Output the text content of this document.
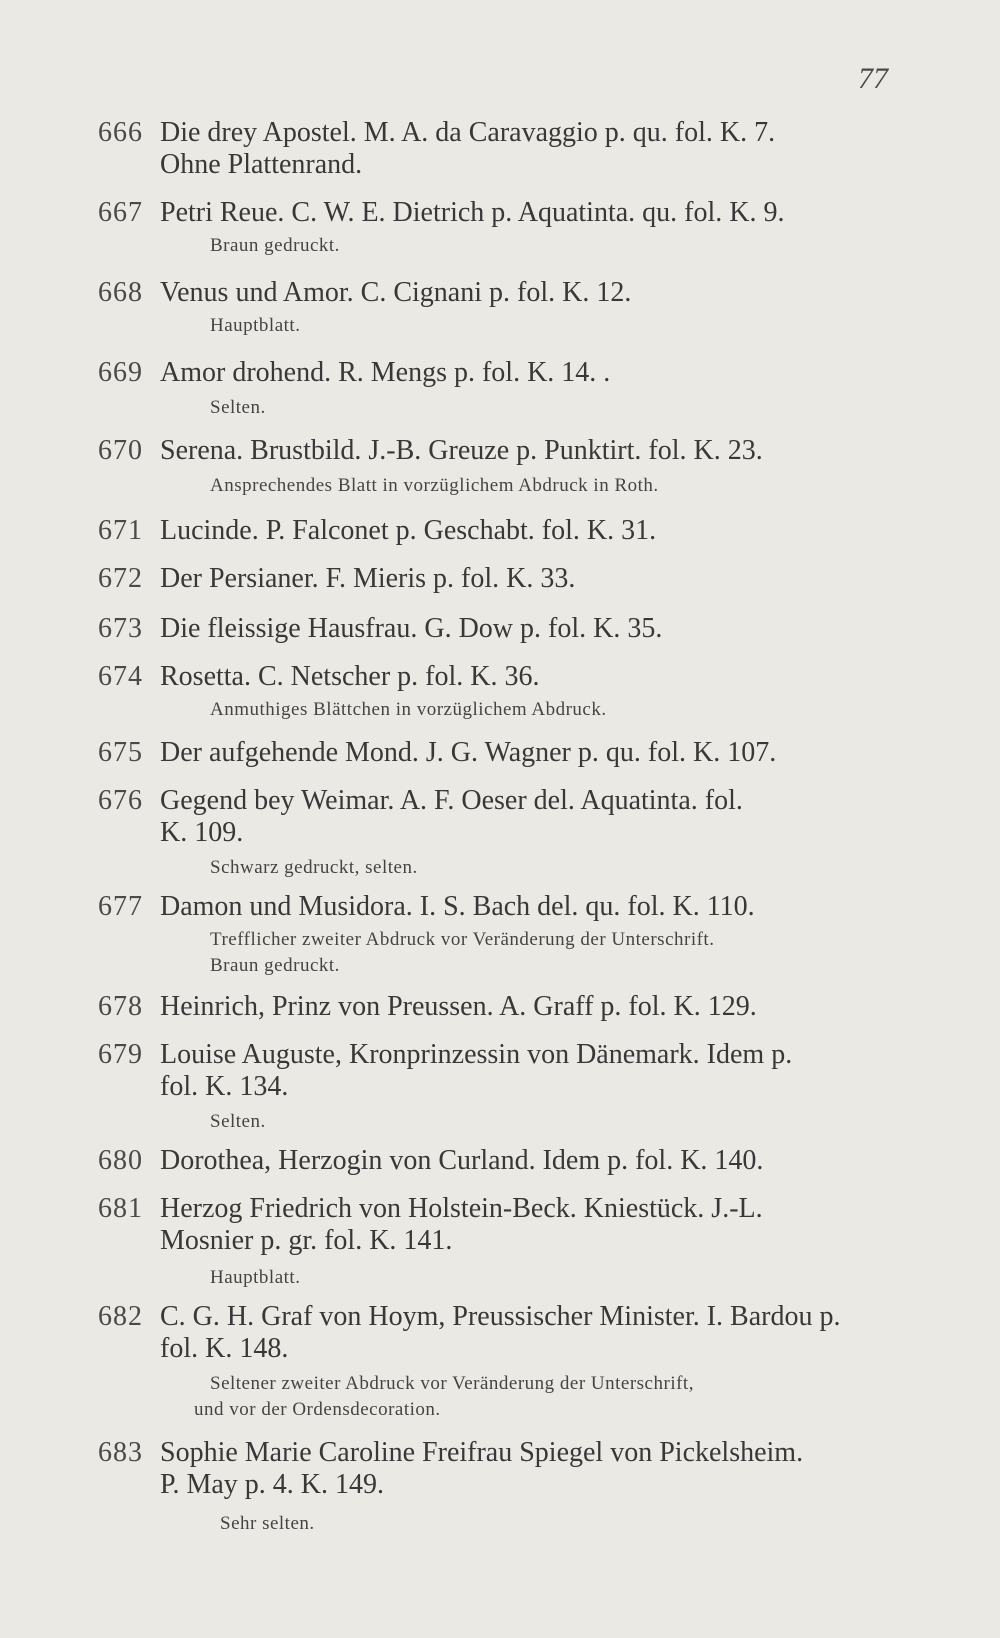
77
666 Die drey Apostel. M. A. da Caravaggio p. qu. fol. K. 7.
Ohne Plattenrand.
667 Petri Reue. C. W. E. Dietrich p. Aquatinta. qu. fol. K. 9.
Braun gedruckt.
668 Venus und Amor. C. Cignani p. fol. K. 12.
Hauptblatt.
669 Amor drohend. R. Mengs p. fol. K. 14. .
Selten.
670 Serena. Brustbild. J.-B. Greuze p. Punktirt. fol. K. 23.
Ansprechendes Blatt in vorzüglichem Abdruck in Roth.
671 Lucinde. P. Falconet p. Geschabt. fol. K. 31.
672 Der Persianer. F. Mieris p. fol. K. 33.
673 Die fleissige Hausfrau. G. Dow p. fol. K. 35.
674 Rosetta. C. Netscher p. fol. K. 36.
Anmuthiges Blättchen in vorzüglichem Abdruck.
675 Der aufgehende Mond. J. G. Wagner p. qu. fol. K. 107.
676 Gegend bey Weimar. A. F. Oeser del. Aquatinta. fol.
K. 109.
Schwarz gedruckt, selten.
677 Damon und Musidora. I. S. Bach del. qu. fol. K. 110.
Trefflicher zweiter Abdruck vor Veränderung der Unterschrift.
Braun gedruckt.
678 Heinrich, Prinz von Preussen. A. Graff p. fol. K. 129.
679 Louise Auguste, Kronprinzessin von Dänemark. Idem p.
fol. K. 134.
Selten.
680 Dorothea, Herzogin von Curland. Idem p. fol. K. 140.
681 Herzog Friedrich von Holstein-Beck. Kniestück. J.-L.
Mosnier p. gr. fol. K. 141.
Hauptblatt.
682 C. G. H. Graf von Hoym, Preussischer Minister. I. Bardou p.
fol. K. 148.
Seltener zweiter Abdruck vor Veränderung der Unterschrift,
und vor der Ordensdecoration.
683 Sophie Marie Caroline Freifrau Spiegel von Pickelsheim.
P. May p. 4. K. 149.
Sehr selten.
